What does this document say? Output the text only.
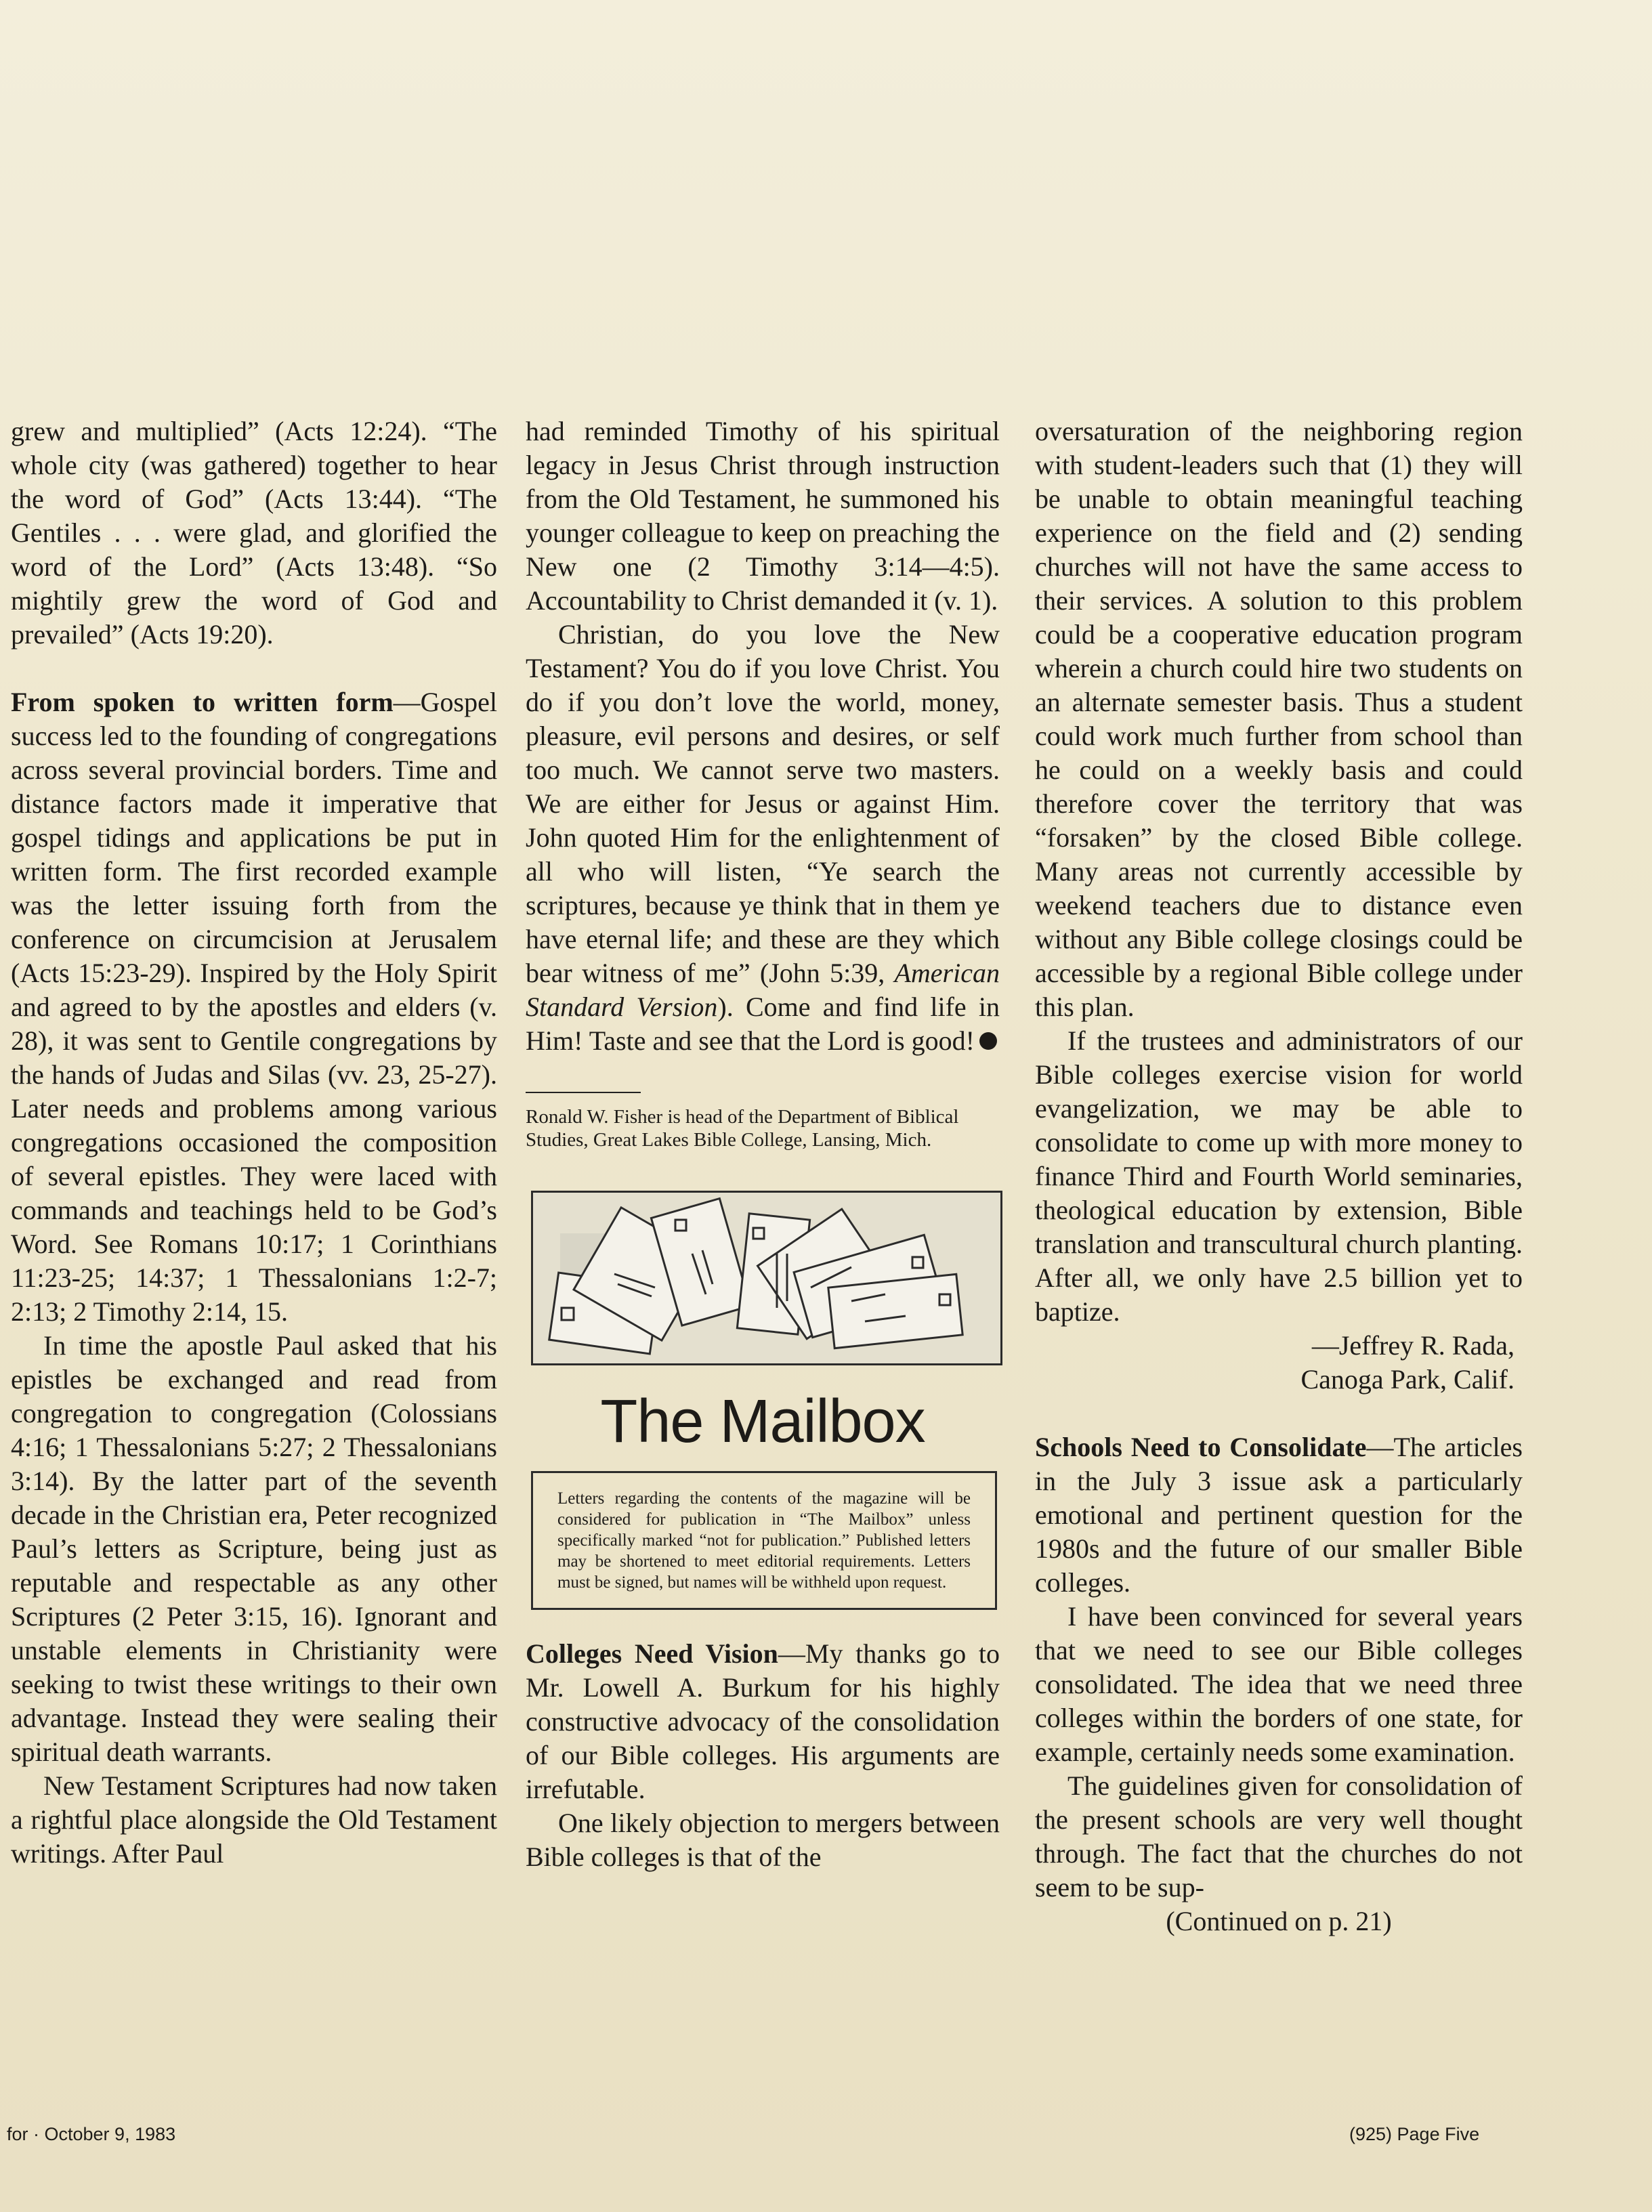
grew and multiplied” (Acts 12:24). “The whole city (was gathered) together to hear the word of God” (Acts 13:44). “The Gentiles . . . were glad, and glorified the word of the Lord” (Acts 13:48). “So mightily grew the word of God and prevailed” (Acts 19:20).

From spoken to written form—Gospel success led to the founding of congregations across several provincial borders. Time and distance factors made it imperative that gospel tidings and applications be put in written form. The first recorded example was the letter issuing forth from the conference on circumcision at Jerusalem (Acts 15:23-29). Inspired by the Holy Spirit and agreed to by the apostles and elders (v. 28), it was sent to Gentile congregations by the hands of Judas and Silas (vv. 23, 25-27). Later needs and problems among various congregations occasioned the composition of several epistles. They were laced with commands and teachings held to be God’s Word. See Romans 10:17; 1 Corinthians 11:23-25; 14:37; 1 Thessalonians 1:2-7; 2:13; 2 Timothy 2:14, 15.

In time the apostle Paul asked that his epistles be exchanged and read from congregation to congregation (Colossians 4:16; 1 Thessalonians 5:27; 2 Thessalonians 3:14). By the latter part of the seventh decade in the Christian era, Peter recognized Paul’s letters as Scripture, being just as reputable and respectable as any other Scriptures (2 Peter 3:15, 16). Ignorant and unstable elements in Christianity were seeking to twist these writings to their own advantage. Instead they were sealing their spiritual death warrants.

New Testament Scriptures had now taken a rightful place alongside the Old Testament writings. After Paul

had reminded Timothy of his spiritual legacy in Jesus Christ through instruction from the Old Testament, he summoned his younger colleague to keep on preaching the New one (2 Timothy 3:14—4:5). Accountability to Christ demanded it (v. 1).

Christian, do you love the New Testament? You do if you love Christ. You do if you don’t love the world, money, pleasure, evil persons and desires, or self too much. We cannot serve two masters. We are either for Jesus or against Him. John quoted Him for the enlightenment of all who will listen, “Ye search the scriptures, because ye think that in them ye have eternal life; and these are they which bear witness of me” (John 5:39, American Standard Version). Come and find life in Him! Taste and see that the Lord is good!

Ronald W. Fisher is head of the Department of Biblical Studies, Great Lakes Bible College, Lansing, Mich.

The Mailbox
Letters regarding the contents of the magazine will be considered for publication in “The Mailbox” unless specifically marked “not for publication.” Published letters may be shortened to meet editorial requirements. Letters must be signed, but names will be withheld upon request.

Colleges Need Vision—My thanks go to Mr. Lowell A. Burkum for his highly constructive advocacy of the consolidation of our Bible colleges. His arguments are irrefutable.

One likely objection to mergers between Bible colleges is that of the

oversaturation of the neighboring region with student-leaders such that (1) they will be unable to obtain meaningful teaching experience on the field and (2) sending churches will not have the same access to their services. A solution to this problem could be a cooperative education program wherein a church could hire two students on an alternate semester basis. Thus a student could work much further from school than he could on a weekly basis and could therefore cover the territory that was “forsaken” by the closed Bible college. Many areas not currently accessible by weekend teachers due to distance even without any Bible college closings could be accessible by a regional Bible college under this plan.

If the trustees and administrators of our Bible colleges exercise vision for world evangelization, we may be able to consolidate to come up with more money to finance Third and Fourth World seminaries, theological education by extension, Bible translation and transcultural church planting. After all, we only have 2.5 billion yet to baptize.

—Jeffrey R. Rada,

Canoga Park, Calif.

Schools Need to Consolidate—The articles in the July 3 issue ask a particularly emotional and pertinent question for the 1980s and the future of our smaller Bible colleges.

I have been convinced for several years that we need to see our Bible colleges consolidated. The idea that we need three colleges within the borders of one state, for example, certainly needs some examination.

The guidelines given for consolidation of the present schools are very well thought through. The fact that the churches do not seem to be sup-

(Continued on p. 21)

for · October 9, 1983	(925) Page Five
